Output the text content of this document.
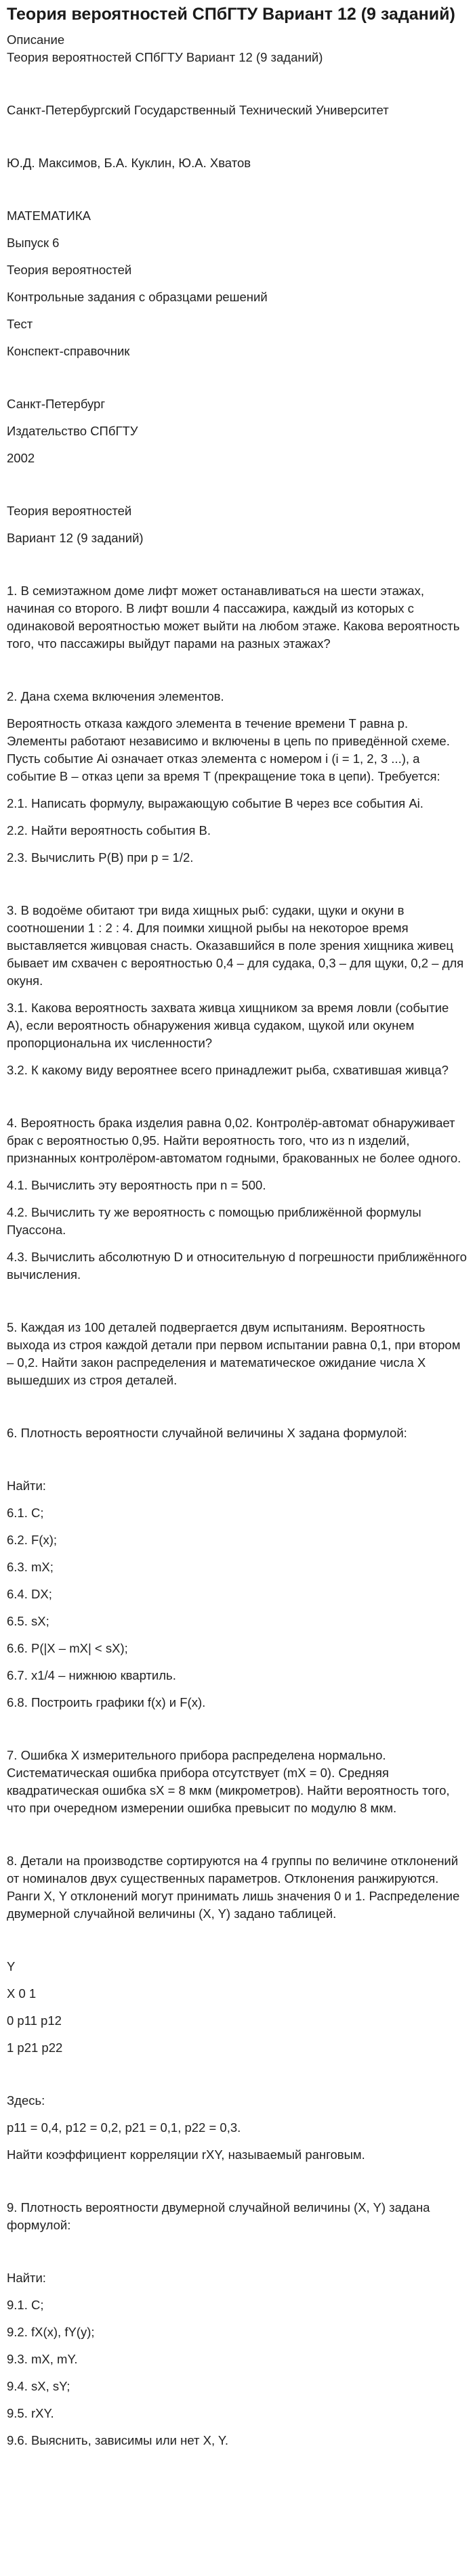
Теория вероятностей СПбГТУ Вариант 12 (9 заданий)

Описание

Теория вероятностей СПбГТУ Вариант 12 (9 заданий)

Санкт-Петербургский Государственный Технический Университет

Ю.Д. Максимов, Б.А. Куклин, Ю.А. Хватов

МАТЕМАТИКА

Выпуск 6

Теория вероятностей

Контрольные задания с образцами решений

Тест

Конспект-справочник

Санкт-Петербург

Издательство СПбГТУ

2002

Теория вероятностей

Вариант 12 (9 заданий)

1. В семиэтажном доме лифт может останавливаться на шести этажах, начиная со второго. В лифт вошли 4 пассажира, каждый из которых с одинаковой вероятностью может выйти на любом этаже. Какова вероятность того, что пассажиры выйдут парами на разных этажах?

2. Дана схема включения элементов.

Вероятность отказа каждого элемента в течение времени T равна p. Элементы работают независимо и включены в цепь по приведённой схеме. Пусть событие Ai означает отказ элемента с номером i (i = 1, 2, 3 ...), а событие B – отказ цепи за время T (прекращение тока в цепи). Требуется:

2.1. Написать формулу, выражающую событие B через все события Ai.

2.2. Найти вероятность события B.

2.3. Вычислить P(B) при p = 1/2.

3. В водоёме обитают три вида хищных рыб: судаки, щуки и окуни в соотношении 1 : 2 : 4. Для поимки хищной рыбы на некоторое время выставляется живцовая снасть. Оказавшийся в поле зрения хищника живец бывает им схвачен с вероятностью 0,4 – для судака, 0,3 – для щуки, 0,2 – для окуня.

3.1. Какова вероятность захвата живца хищником за время ловли (событие A), если вероятность обнаружения живца судаком, щукой или окунем пропорциональна их численности?

3.2. К какому виду вероятнее всего принадлежит рыба, схватившая живца?

4. Вероятность брака изделия равна 0,02. Контролёр-автомат обнаруживает брак с вероятностью 0,95. Найти вероятность того, что из n изделий, признанных контролёром-автоматом годными, бракованных не более одного.

4.1. Вычислить эту вероятность при n = 500.

4.2. Вычислить ту же вероятность с помощью приближённой формулы Пуассона.

4.3. Вычислить абсолютную D и относительную d погрешности приближённого вычисления.

5. Каждая из 100 деталей подвергается двум испытаниям. Вероятность выхода из строя каждой детали при первом испытании равна 0,1, при втором – 0,2. Найти закон распределения и математическое ожидание числа X вышедших из строя деталей.

6. Плотность вероятности случайной величины X задана формулой:

Найти:

6.1. C;

6.2. F(x);

6.3. mX;

6.4. DX;

6.5. sX;

6.6. P(|X – mX| < sX);

6.7. x1/4 – нижнюю квартиль.

6.8. Построить графики f(x) и F(x).

7. Ошибка X измерительного прибора распределена нормально. Систематическая ошибка прибора отсутствует (mX = 0). Средняя квадратическая ошибка sX = 8 мкм (микрометров). Найти вероятность того, что при очередном измерении ошибка превысит по модулю 8 мкм.

8. Детали на производстве сортируются на 4 группы по величине отклонений от номиналов двух существенных параметров. Отклонения ранжируются. Ранги X, Y отклонений могут принимать лишь значения 0 и 1. Распределение двумерной случайной величины (X, Y) задано таблицей.

Y

X 0 1

0 p11 p12

1 p21 p22

Здесь:

p11 = 0,4, p12 = 0,2, p21 = 0,1, p22 = 0,3.

Найти коэффициент корреляции rXY, называемый ранговым.

9. Плотность вероятности двумерной случайной величины (X, Y) задана формулой:

Найти:

9.1. C;

9.2. fX(x), fY(y);

9.3. mX, mY.

9.4. sX, sY;

9.5. rXY.

9.6. Выяснить, зависимы или нет X, Y.
